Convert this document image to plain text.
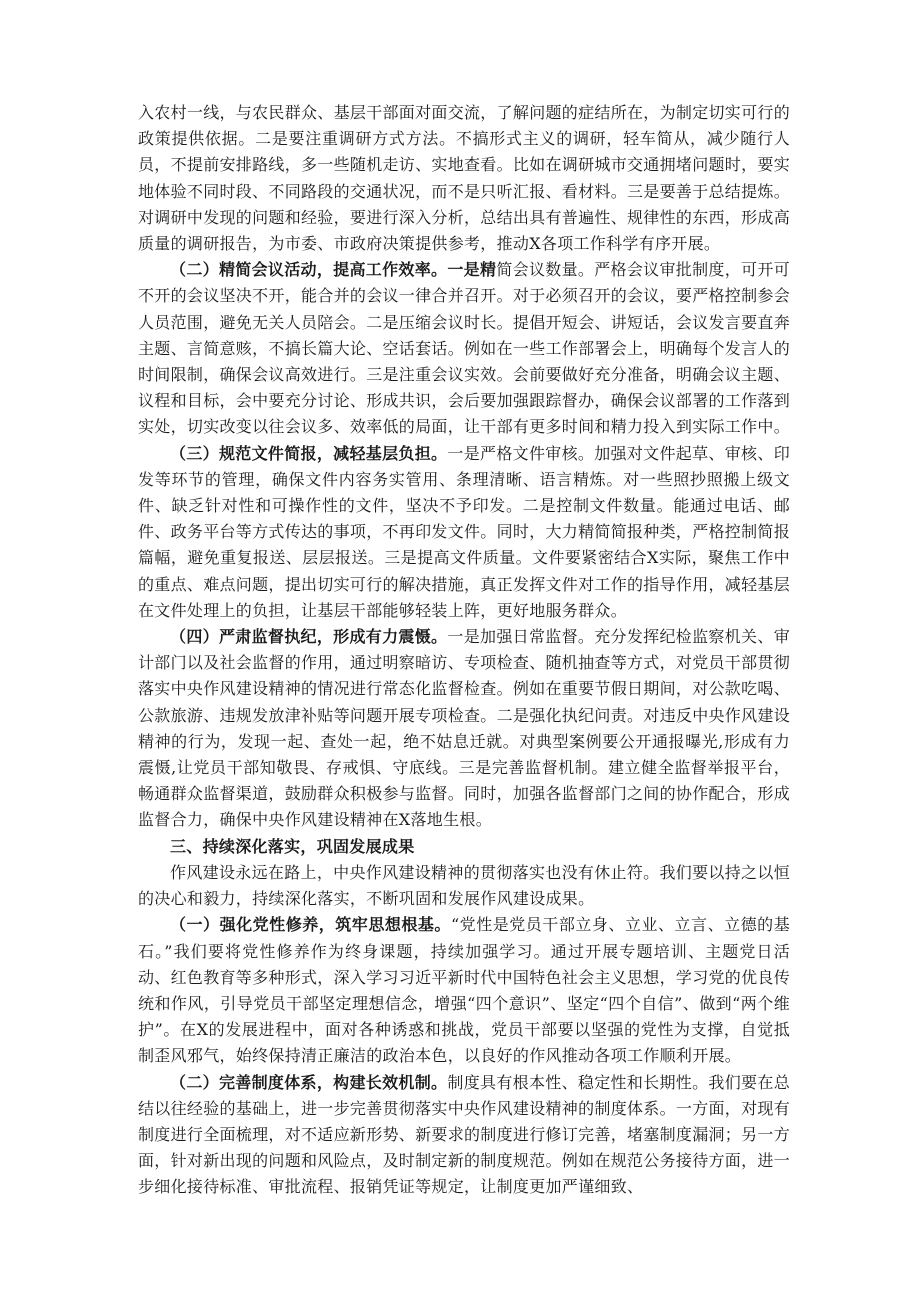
入农村一线，与农民群众、基层干部面对面交流，了解问题的症结所在，为制定切实可行的政策提供依据。二是要注重调研方式方法。不搞形式主义的调研，轻车简从，减少随行人员，不提前安排路线，多一些随机走访、实地查看。比如在调研城市交通拥堵问题时，要实地体验不同时段、不同路段的交通状况，而不是只听汇报、看材料。三是要善于总结提炼。对调研中发现的问题和经验，要进行深入分析，总结出具有普遍性、规律性的东西，形成高质量的调研报告，为市委、市政府决策提供参考，推动X各项工作科学有序开展。

（二）精简会议活动，提高工作效率。一是精简会议数量。严格会议审批制度，可开可不开的会议坚决不开，能合并的会议一律合并召开。对于必须召开的会议，要严格控制参会人员范围，避免无关人员陪会。二是压缩会议时长。提倡开短会、讲短话，会议发言要直奔主题、言简意赅，不搞长篇大论、空话套话。例如在一些工作部署会上，明确每个发言人的时间限制，确保会议高效进行。三是注重会议实效。会前要做好充分准备，明确会议主题、议程和目标，会中要充分讨论、形成共识，会后要加强跟踪督办，确保会议部署的工作落到实处，切实改变以往会议多、效率低的局面，让干部有更多时间和精力投入到实际工作中。

（三）规范文件简报，减轻基层负担。一是严格文件审核。加强对文件起草、审核、印发等环节的管理，确保文件内容务实管用、条理清晰、语言精炼。对一些照抄照搬上级文件、缺乏针对性和可操作性的文件，坚决不予印发。二是控制文件数量。能通过电话、邮件、政务平台等方式传达的事项，不再印发文件。同时，大力精简简报种类，严格控制简报篇幅，避免重复报送、层层报送。三是提高文件质量。文件要紧密结合X实际，聚焦工作中的重点、难点问题，提出切实可行的解决措施，真正发挥文件对工作的指导作用，减轻基层在文件处理上的负担，让基层干部能够轻装上阵，更好地服务群众。

（四）严肃监督执纪，形成有力震慑。一是加强日常监督。充分发挥纪检监察机关、审计部门以及社会监督的作用，通过明察暗访、专项检查、随机抽查等方式，对党员干部贯彻落实中央作风建设精神的情况进行常态化监督检查。例如在重要节假日期间，对公款吃喝、公款旅游、违规发放津补贴等问题开展专项检查。二是强化执纪问责。对违反中央作风建设精神的行为，发现一起、查处一起，绝不姑息迁就。对典型案例要公开通报曝光,形成有力震慑,让党员干部知敬畏、存戒惧、守底线。三是完善监督机制。建立健全监督举报平台，畅通群众监督渠道，鼓励群众积极参与监督。同时，加强各监督部门之间的协作配合，形成监督合力，确保中央作风建设精神在X落地生根。

三、持续深化落实，巩固发展成果

作风建设永远在路上，中央作风建设精神的贯彻落实也没有休止符。我们要以持之以恒的决心和毅力，持续深化落实，不断巩固和发展作风建设成果。

（一）强化党性修养，筑牢思想根基。“党性是党员干部立身、立业、立言、立德的基石。”我们要将党性修养作为终身课题，持续加强学习。通过开展专题培训、主题党日活动、红色教育等多种形式，深入学习习近平新时代中国特色社会主义思想，学习党的优良传统和作风，引导党员干部坚定理想信念，增强“四个意识”、坚定“四个自信”、做到“两个维护”。在X的发展进程中，面对各种诱惑和挑战，党员干部要以坚强的党性为支撑，自觉抵制歪风邪气，始终保持清正廉洁的政治本色，以良好的作风推动各项工作顺利开展。

（二）完善制度体系，构建长效机制。制度具有根本性、稳定性和长期性。我们要在总结以往经验的基础上，进一步完善贯彻落实中央作风建设精神的制度体系。一方面，对现有制度进行全面梳理，对不适应新形势、新要求的制度进行修订完善，堵塞制度漏洞；另一方面，针对新出现的问题和风险点，及时制定新的制度规范。例如在规范公务接待方面，进一步细化接待标准、审批流程、报销凭证等规定，让制度更加严谨细致、
